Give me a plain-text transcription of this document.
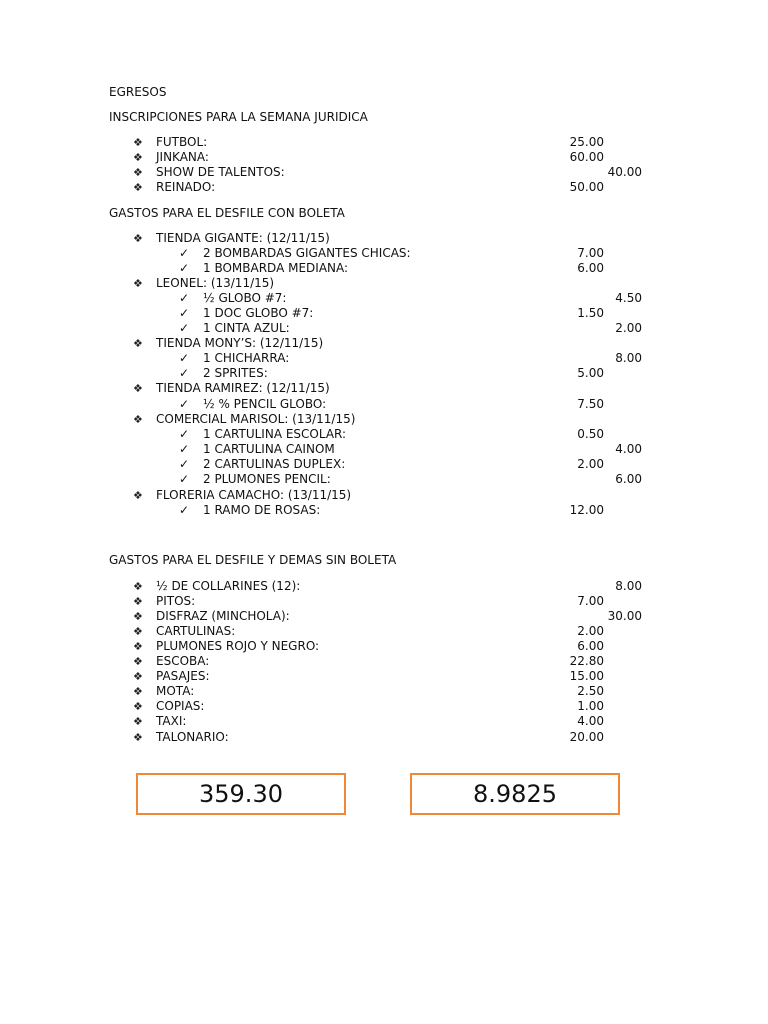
EGRESOS
INSCRIPCIONES PARA LA SEMANA JURIDICA
❖	FUTBOL:	25.00
❖	JINKANA:	60.00
❖	SHOW DE TALENTOS:	40.00
❖	REINADO:	50.00
GASTOS PARA EL DESFILE CON BOLETA
❖	TIENDA GIGANTE: (12/11/15)
✓	2 BOMBARDAS GIGANTES CHICAS:	7.00
✓	1 BOMBARDA MEDIANA:	6.00
❖	LEONEL: (13/11/15)
✓	½ GLOBO #7:	4.50
✓	1 DOC GLOBO #7:	1.50
✓	1 CINTA AZUL:	2.00
❖	TIENDA MONY’S: (12/11/15)
✓	1 CHICHARRA:	8.00
✓	2 SPRITES:	5.00
❖	TIENDA RAMIREZ: (12/11/15)
✓	½ % PENCIL GLOBO:	7.50
❖	COMERCIAL MARISOL: (13/11/15)
✓	1 CARTULINA ESCOLAR:	0.50
✓	1 CARTULINA CAINOM	4.00
✓	2 CARTULINAS DUPLEX:	2.00
✓	2 PLUMONES PENCIL:	6.00
❖	FLORERIA CAMACHO: (13/11/15)
✓	1 RAMO DE ROSAS:	12.00
GASTOS PARA EL DESFILE Y DEMAS SIN BOLETA
❖	½ DE COLLARINES (12):	8.00
❖	PITOS:	7.00
❖	DISFRAZ (MINCHOLA):	30.00
❖	CARTULINAS:	2.00
❖	PLUMONES ROJO Y NEGRO:	6.00
❖	ESCOBA:	22.80
❖	PASAJES:	15.00
❖	MOTA:	2.50
❖	COPIAS:	1.00
❖	TAXI:	4.00
❖	TALONARIO:	20.00
359.30	8.9825
